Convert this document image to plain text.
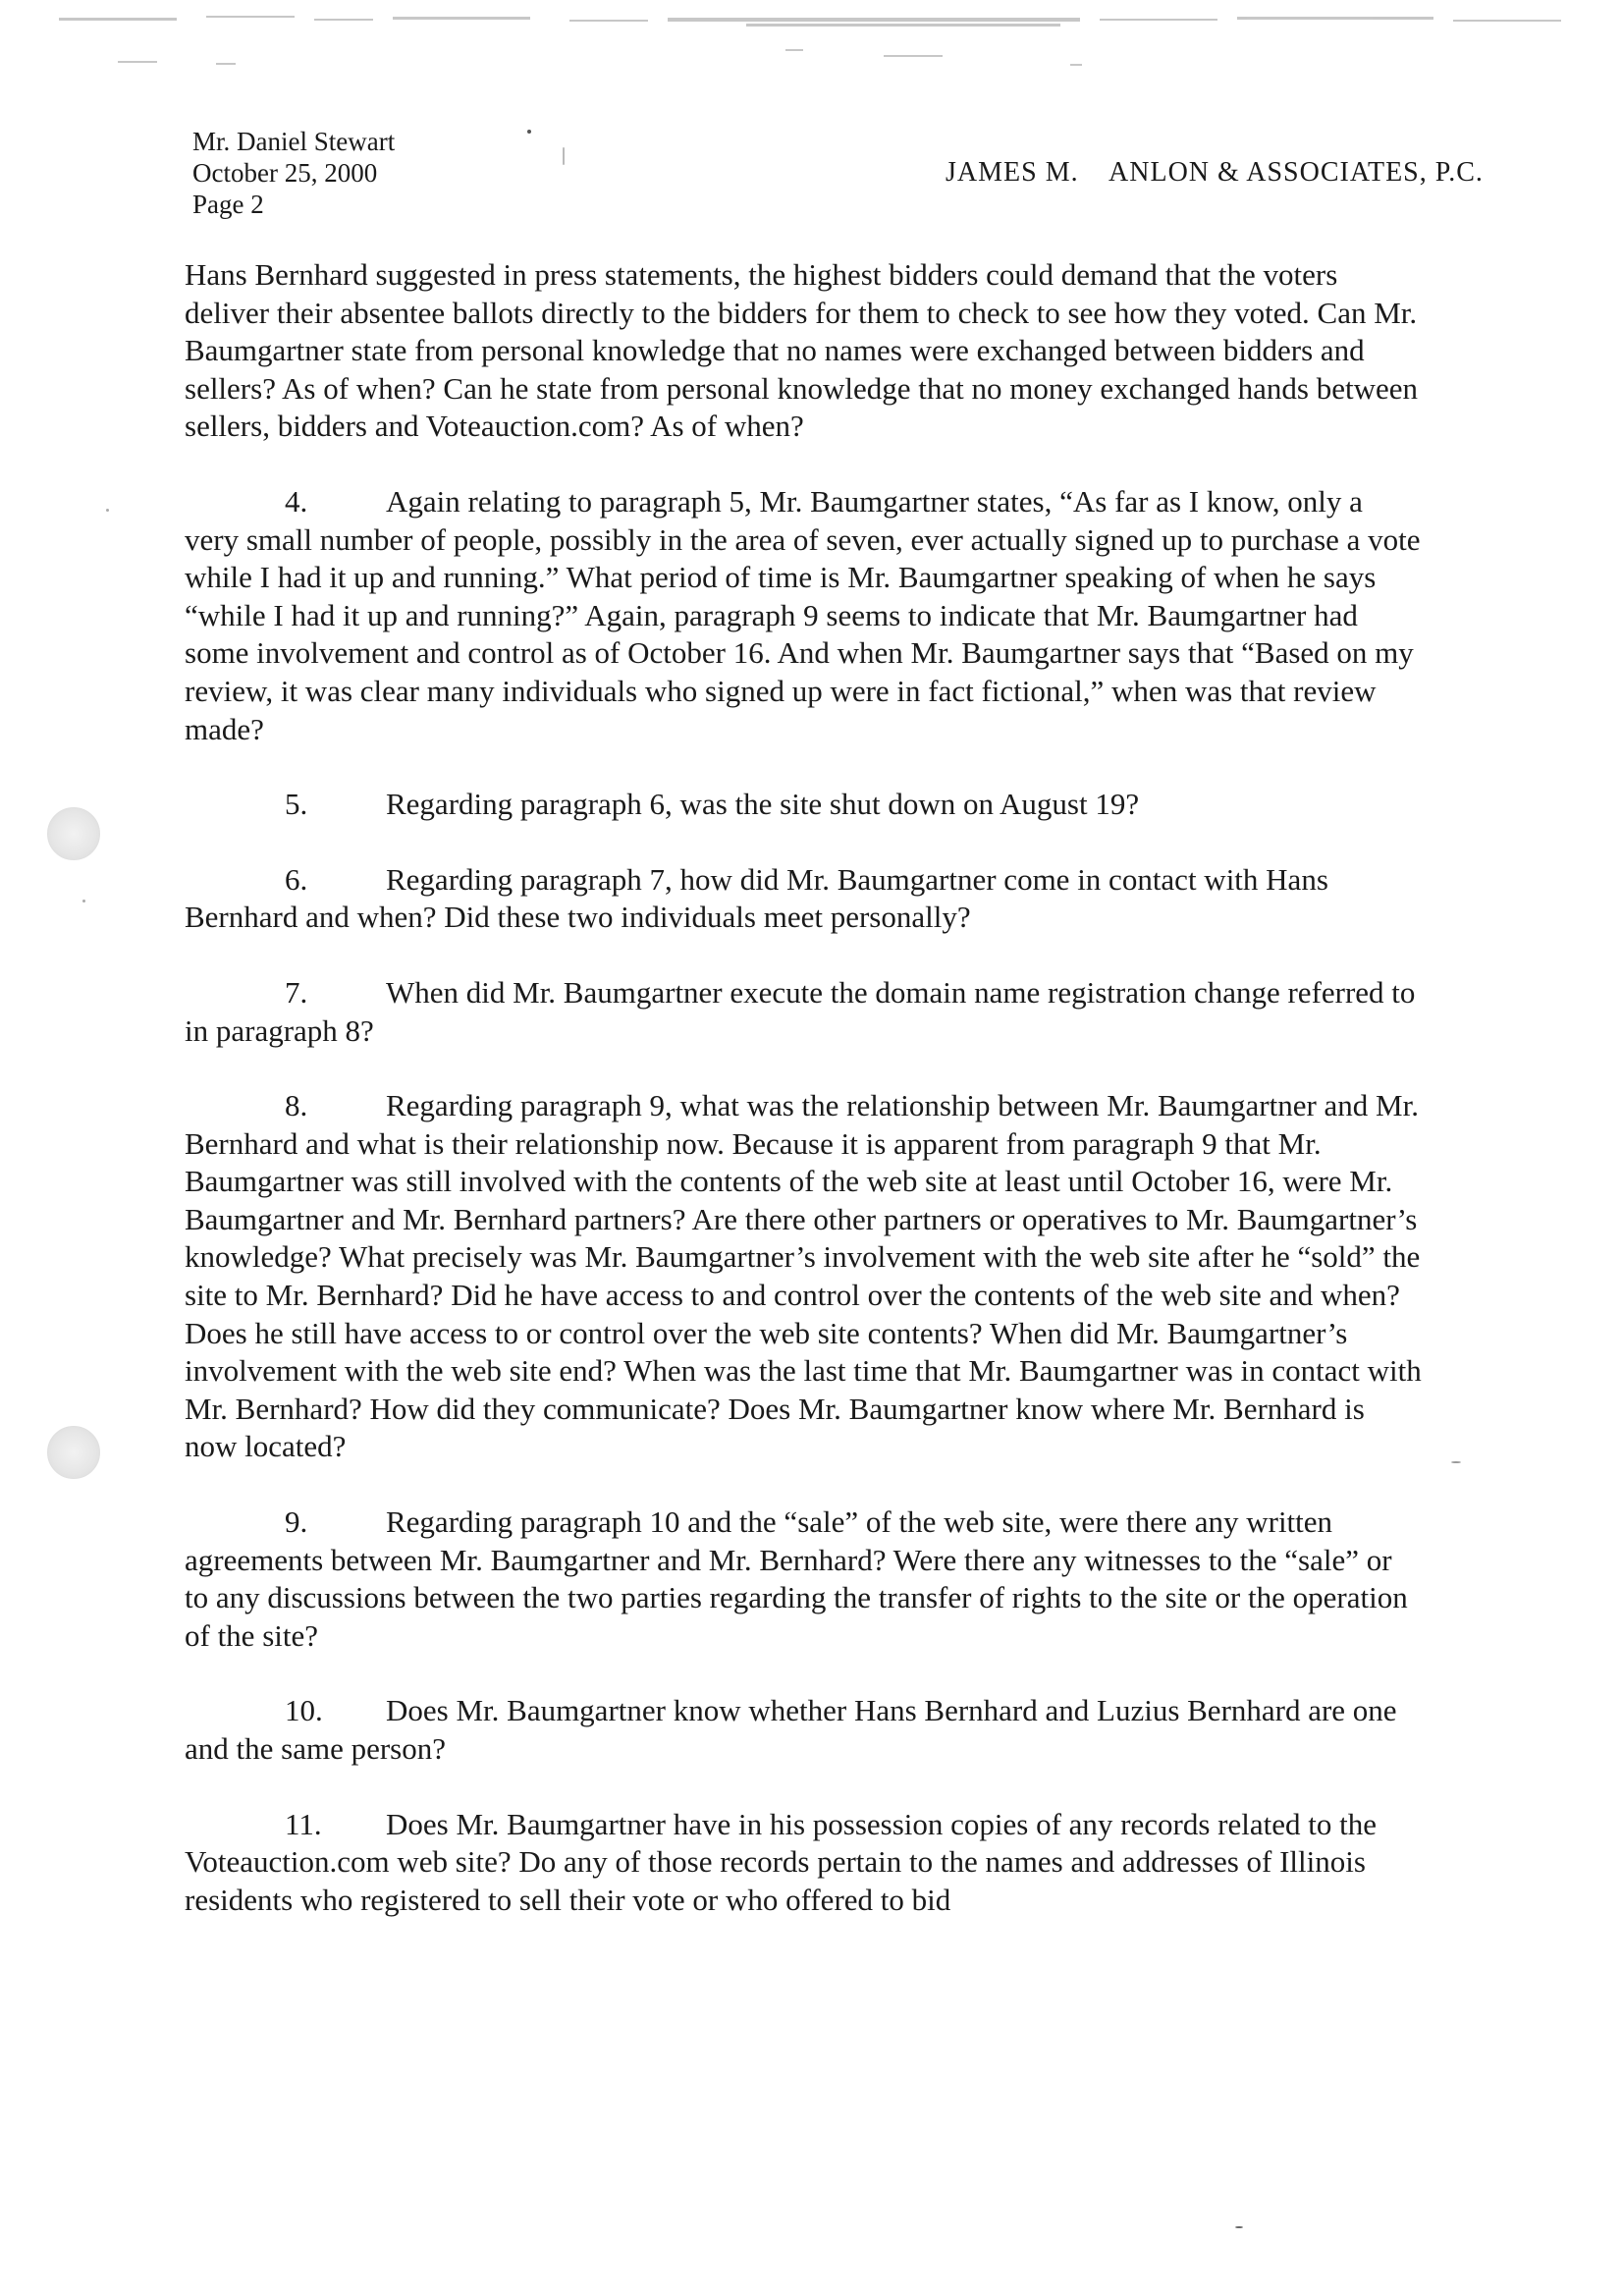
Mr. Daniel Stewart
October 25, 2000
Page 2
JAMES M.    ANLON & ASSOCIATES, P.C.

Hans Bernhard suggested in press statements, the highest bidders could demand that the voters deliver their absentee ballots directly to the bidders for them to check to see how they voted. Can Mr. Baumgartner state from personal knowledge that no names were exchanged between bidders and sellers? As of when? Can he state from personal knowledge that no money exchanged hands between sellers, bidders and Voteauction.com? As of when?

4.	Again relating to paragraph 5, Mr. Baumgartner states, “As far as I know, only a very small number of people, possibly in the area of seven, ever actually signed up to purchase a vote while I had it up and running.” What period of time is Mr. Baumgartner speaking of when he says “while I had it up and running?” Again, paragraph 9 seems to indicate that Mr. Baumgartner had some involvement and control as of October 16. And when Mr. Baumgartner says that “Based on my review, it was clear many individuals who signed up were in fact fictional,” when was that review made?

5.	Regarding paragraph 6, was the site shut down on August 19?

6.	Regarding paragraph 7, how did Mr. Baumgartner come in contact with Hans Bernhard and when? Did these two individuals meet personally?

7.	When did Mr. Baumgartner execute the domain name registration change referred to in paragraph 8?

8.	Regarding paragraph 9, what was the relationship between Mr. Baumgartner and Mr. Bernhard and what is their relationship now. Because it is apparent from paragraph 9 that Mr. Baumgartner was still involved with the contents of the web site at least until October 16, were Mr. Baumgartner and Mr. Bernhard partners? Are there other partners or operatives to Mr. Baumgartner’s knowledge? What precisely was Mr. Baumgartner’s involvement with the web site after he “sold” the site to Mr. Bernhard? Did he have access to and control over the contents of the web site and when? Does he still have access to or control over the web site contents? When did Mr. Baumgartner’s involvement with the web site end? When was the last time that Mr. Baumgartner was in contact with Mr. Bernhard? How did they communicate? Does Mr. Baumgartner know where Mr. Bernhard is now located?

9.	Regarding paragraph 10 and the “sale” of the web site, were there any written agreements between Mr. Baumgartner and Mr. Bernhard? Were there any witnesses to the “sale” or to any discussions between the two parties regarding the transfer of rights to the site or the operation of the site?

10. Does Mr. Baumgartner know whether Hans Bernhard and Luzius Bernhard are one and the same person?

11. Does Mr. Baumgartner have in his possession copies of any records related to the Voteauction.com web site? Do any of those records pertain to the names and addresses of Illinois residents who registered to sell their vote or who offered to bid
